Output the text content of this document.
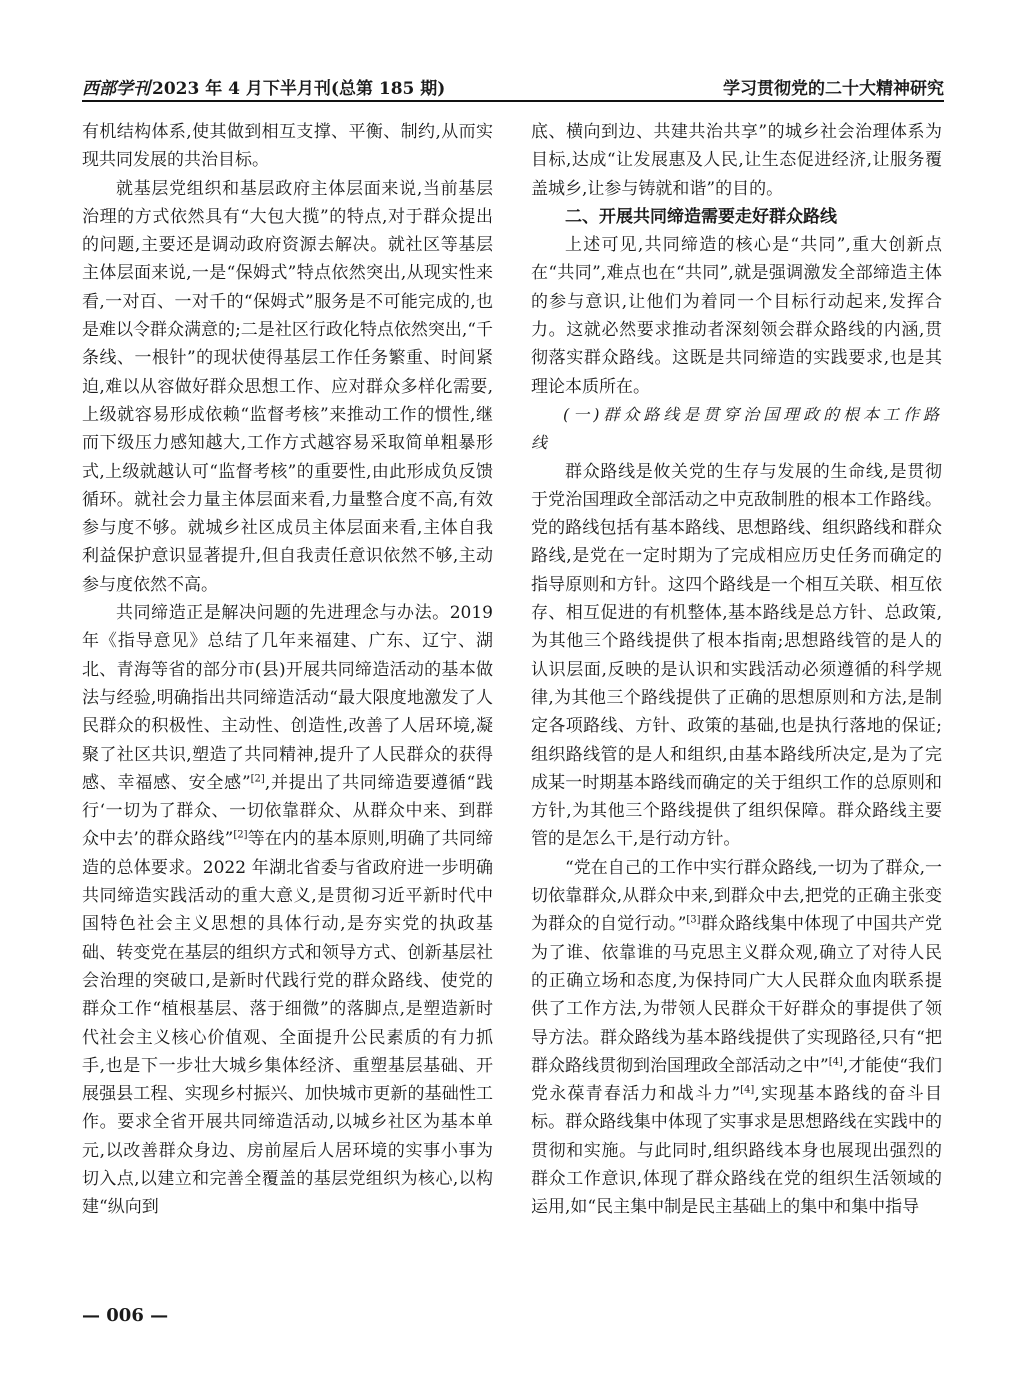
西部学刊 2023 年 4 月下半月刊(总第 185 期)	学习贯彻党的二十大精神研究

有机结构体系,使其做到相互支撑、平衡、制约,从而实现共同发展的共治目标。

就基层党组织和基层政府主体层面来说,当前基层治理的方式依然具有“大包大揽”的特点,对于群众提出的问题,主要还是调动政府资源去解决。就社区等基层主体层面来说,一是“保姆式”特点依然突出,从现实性来看,一对百、一对千的“保姆式”服务是不可能完成的,也是难以令群众满意的;二是社区行政化特点依然突出,“千条线、一根针”的现状使得基层工作任务繁重、时间紧迫,难以从容做好群众思想工作、应对群众多样化需要,上级就容易形成依赖“监督考核”来推动工作的惯性,继而下级压力感知越大,工作方式越容易采取简单粗暴形式,上级就越认可“监督考核”的重要性,由此形成负反馈循环。就社会力量主体层面来看,力量整合度不高,有效参与度不够。就城乡社区成员主体层面来看,主体自我利益保护意识显著提升,但自我责任意识依然不够,主动参与度依然不高。

共同缔造正是解决问题的先进理念与办法。2019 年《指导意见》总结了几年来福建、广东、辽宁、湖北、青海等省的部分市(县)开展共同缔造活动的基本做法与经验,明确指出共同缔造活动“最大限度地激发了人民群众的积极性、主动性、创造性,改善了人居环境,凝聚了社区共识,塑造了共同精神,提升了人民群众的获得感、幸福感、安全感”[2],并提出了共同缔造要遵循“践行‘一切为了群众、一切依靠群众、从群众中来、到群众中去’的群众路线”[2]等在内的基本原则,明确了共同缔造的总体要求。2022 年湖北省委与省政府进一步明确共同缔造实践活动的重大意义,是贯彻习近平新时代中国特色社会主义思想的具体行动,是夯实党的执政基础、转变党在基层的组织方式和领导方式、创新基层社会治理的突破口,是新时代践行党的群众路线、使党的群众工作“植根基层、落于细微”的落脚点,是塑造新时代社会主义核心价值观、全面提升公民素质的有力抓手,也是下一步壮大城乡集体经济、重塑基层基础、开展强县工程、实现乡村振兴、加快城市更新的基础性工作。要求全省开展共同缔造活动,以城乡社区为基本单元,以改善群众身边、房前屋后人居环境的实事小事为切入点,以建立和完善全覆盖的基层党组织为核心,以构建“纵向到

底、横向到边、共建共治共享”的城乡社会治理体系为目标,达成“让发展惠及人民,让生态促进经济,让服务覆盖城乡,让参与铸就和谐”的目的。

二、开展共同缔造需要走好群众路线

上述可见,共同缔造的核心是“共同”,重大创新点在“共同”,难点也在“共同”,就是强调激发全部缔造主体的参与意识,让他们为着同一个目标行动起来,发挥合力。这就必然要求推动者深刻领会群众路线的内涵,贯彻落实群众路线。这既是共同缔造的实践要求,也是其理论本质所在。

(一)群众路线是贯穿治国理政的根本工作路线

群众路线是攸关党的生存与发展的生命线,是贯彻于党治国理政全部活动之中克敌制胜的根本工作路线。党的路线包括有基本路线、思想路线、组织路线和群众路线,是党在一定时期为了完成相应历史任务而确定的指导原则和方针。这四个路线是一个相互关联、相互依存、相互促进的有机整体,基本路线是总方针、总政策,为其他三个路线提供了根本指南;思想路线管的是人的认识层面,反映的是认识和实践活动必须遵循的科学规律,为其他三个路线提供了正确的思想原则和方法,是制定各项路线、方针、政策的基础,也是执行落地的保证;组织路线管的是人和组织,由基本路线所决定,是为了完成某一时期基本路线而确定的关于组织工作的总原则和方针,为其他三个路线提供了组织保障。群众路线主要管的是怎么干,是行动方针。

“党在自己的工作中实行群众路线,一切为了群众,一切依靠群众,从群众中来,到群众中去,把党的正确主张变为群众的自觉行动。”[3]群众路线集中体现了中国共产党为了谁、依靠谁的马克思主义群众观,确立了对待人民的正确立场和态度,为保持同广大人民群众血肉联系提供了工作方法,为带领人民群众干好群众的事提供了领导方法。群众路线为基本路线提供了实现路径,只有“把群众路线贯彻到治国理政全部活动之中”[4],才能使“我们党永葆青春活力和战斗力”[4],实现基本路线的奋斗目标。群众路线集中体现了实事求是思想路线在实践中的贯彻和实施。与此同时,组织路线本身也展现出强烈的群众工作意识,体现了群众路线在党的组织生活领域的运用,如“民主集中制是民主基础上的集中和集中指导

— 006 —
